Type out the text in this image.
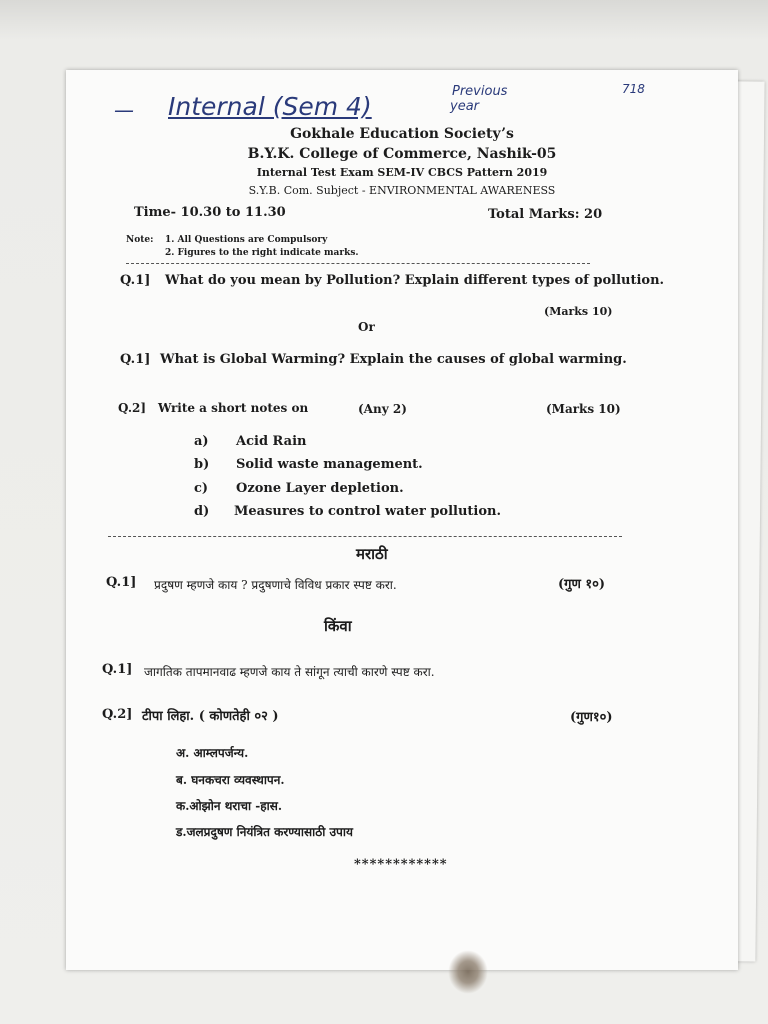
— Internal (Sem 4)
Previous
year
718
Gokhale Education Society’s
B.Y.K. College of Commerce, Nashik-05
Internal Test Exam SEM-IV CBCS Pattern 2019
S.Y.B. Com. Subject - ENVIRONMENTAL AWARENESS
Time- 10.30 to 11.30	Total Marks: 20
Note: 1. All Questions are Compulsory
2. Figures to the right indicate marks.
Q.1] What do you mean by Pollution? Explain different types of pollution.
(Marks 10)
Or
Q.1] What is Global Warming? Explain the causes of global warming.
Q.2] Write a short notes on	(Any 2)	(Marks 10)
a) Acid Rain
b) Solid waste management.
c) Ozone Layer depletion.
d) Measures to control water pollution.
मराठी
Q.1] प्रदुषण म्हणजे काय ? प्रदुषणाचे विविध प्रकार स्पष्ट करा.	(गुण १०)
किंवा
Q.1] जागतिक तापमानवाढ म्हणजे काय ते सांगून त्याची कारणे स्पष्ट करा.
Q.2] टीपा लिहा. ( कोणतेही ०२ )	(गुण१०)
अ. आम्लपर्जन्य.
ब. घनकचरा व्यवस्थापन.
क.ओझोन थराचा -हास.
ड.जलप्रदुषण नियंत्रित करण्यासाठी उपाय
************
